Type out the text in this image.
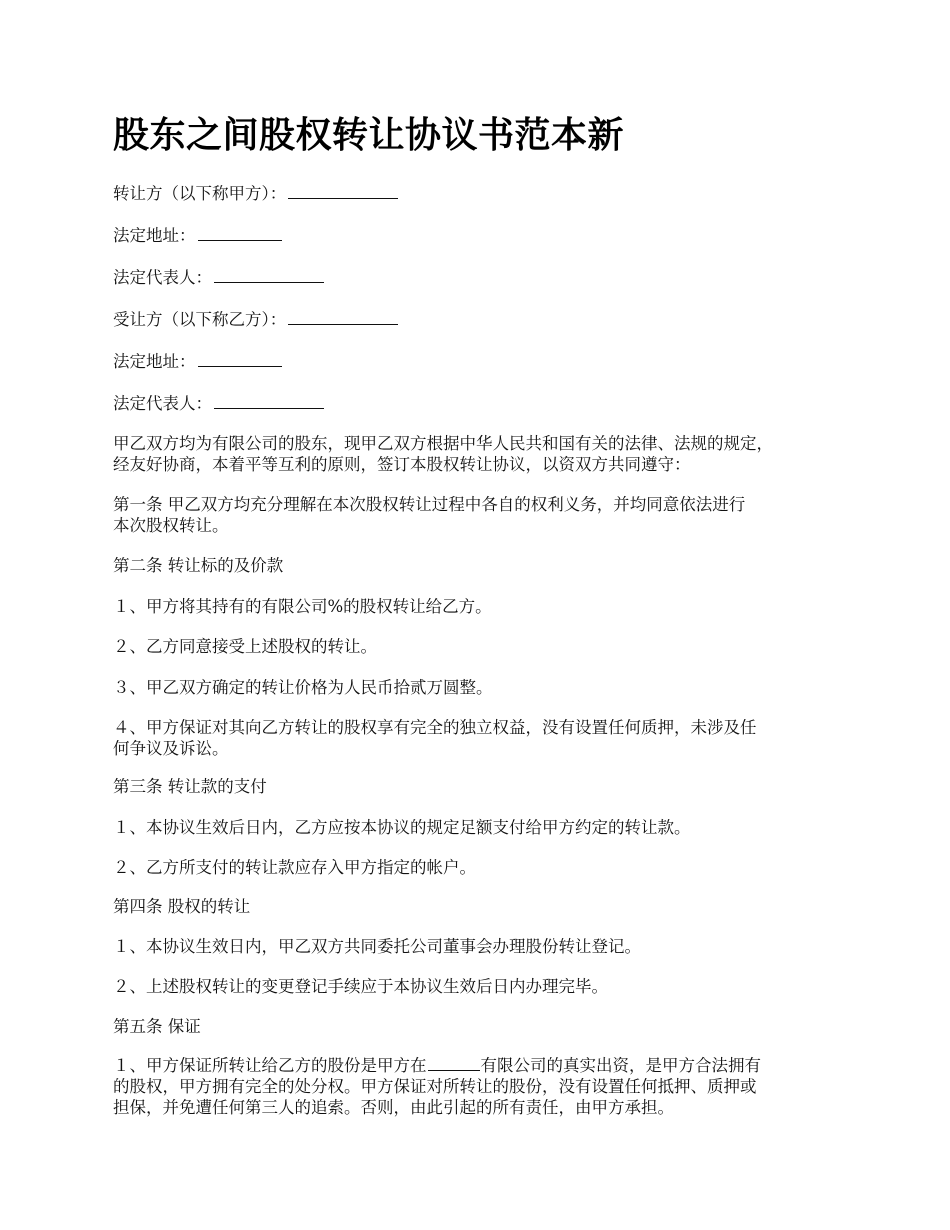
股东之间股权转让协议书范本新

转让方（以下称甲方）：

法定地址：

法定代表人：

受让方（以下称乙方）：

法定地址：

法定代表人：

甲乙双方均为有限公司的股东，现甲乙双方根据中华人民共和国有关的法律、法规的规定，

经友好协商，本着平等互利的原则，签订本股权转让协议，以资双方共同遵守：

第一条 甲乙双方均充分理解在本次股权转让过程中各自的权利义务，并均同意依法进行

本次股权转让。

第二条 转让标的及价款

１、甲方将其持有的有限公司%的股权转让给乙方。

２、乙方同意接受上述股权的转让。

３、甲乙双方确定的转让价格为人民币拾贰万圆整。

４、甲方保证对其向乙方转让的股权享有完全的独立权益，没有设置任何质押，未涉及任

何争议及诉讼。

第三条 转让款的支付

１、本协议生效后日内，乙方应按本协议的规定足额支付给甲方约定的转让款。

２、乙方所支付的转让款应存入甲方指定的帐户。

第四条 股权的转让

１、本协议生效日内，甲乙双方共同委托公司董事会办理股份转让登记。

２、上述股权转让的变更登记手续应于本协议生效后日内办理完毕。

第五条 保证

１、甲方保证所转让给乙方的股份是甲方在	有限公司的真实出资，是甲方合法拥有

的股权，甲方拥有完全的处分权。甲方保证对所转让的股份，没有设置任何抵押、质押或

担保，并免遭任何第三人的追索。否则，由此引起的所有责任，由甲方承担。
